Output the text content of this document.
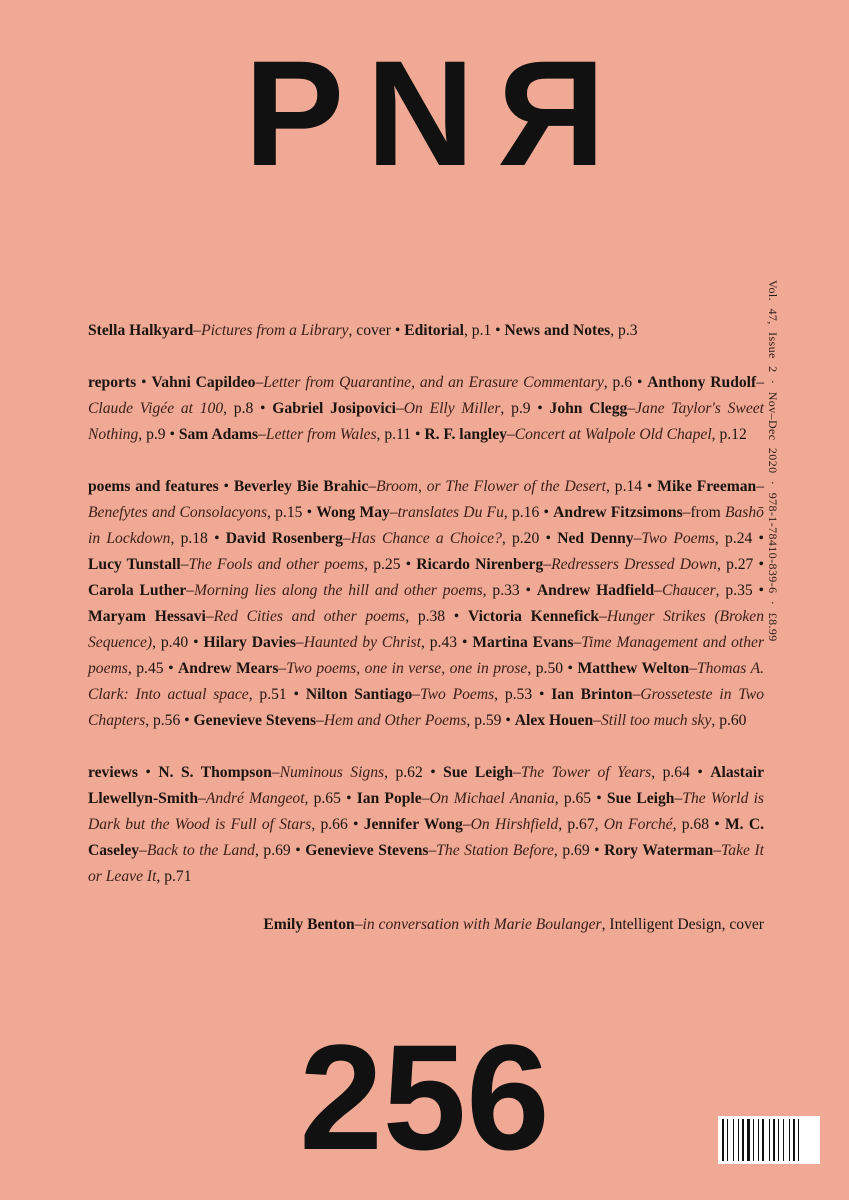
PNR
Vol. 47, Issue 2 · Nov–Dec 2020 · 978-1-78410-839-6 · £8.99

Stella Halkyard–Pictures from a Library, cover • Editorial, p.1 • News and Notes, p.3

reports • Vahni Capildeo–Letter from Quarantine, and an Erasure Commentary, p.6 • Anthony Rudolf–Claude Vigée at 100, p.8 • Gabriel Josipovici–On Elly Miller, p.9 • John Clegg–Jane Taylor's Sweet Nothing, p.9 • Sam Adams–Letter from Wales, p.11 • R. F. langley–Concert at Walpole Old Chapel, p.12

poems and features • Beverley Bie Brahic–Broom, or The Flower of the Desert, p.14 • Mike Freeman–Benefytes and Consolacyons, p.15 • Wong May–translates Du Fu, p.16 • Andrew Fitzsimons–from Bashō in Lockdown, p.18 • David Rosenberg–Has Chance a Choice?, p.20 • Ned Denny–Two Poems, p.24 • Lucy Tunstall–The Fools and other poems, p.25 • Ricardo Nirenberg–Redressers Dressed Down, p.27 • Carola Luther–Morning lies along the hill and other poems, p.33 • Andrew Hadfield–Chaucer, p.35 • Maryam Hessavi–Red Cities and other poems, p.38 • Victoria Kennefick–Hunger Strikes (Broken Sequence), p.40 • Hilary Davies–Haunted by Christ, p.43 • Martina Evans–Time Management and other poems, p.45 • Andrew Mears–Two poems, one in verse, one in prose, p.50 • Matthew Welton–Thomas A. Clark: Into actual space, p.51 • Nilton Santiago–Two Poems, p.53 • Ian Brinton–Grosseteste in Two Chapters, p.56 • Genevieve Stevens–Hem and Other Poems, p.59 • Alex Houen–Still too much sky, p.60

reviews • N. S. Thompson–Numinous Signs, p.62 • Sue Leigh–The Tower of Years, p.64 • Alastair Llewellyn-Smith–André Mangeot, p.65 • Ian Pople–On Michael Anania, p.65 • Sue Leigh–The World is Dark but the Wood is Full of Stars, p.66 • Jennifer Wong–On Hirshfield, p.67, On Forché, p.68 • M. C. Caseley–Back to the Land, p.69 • Genevieve Stevens–The Station Before, p.69 • Rory Waterman–Take It or Leave It, p.71

Emily Benton–in conversation with Marie Boulanger, Intelligent Design, cover

256
